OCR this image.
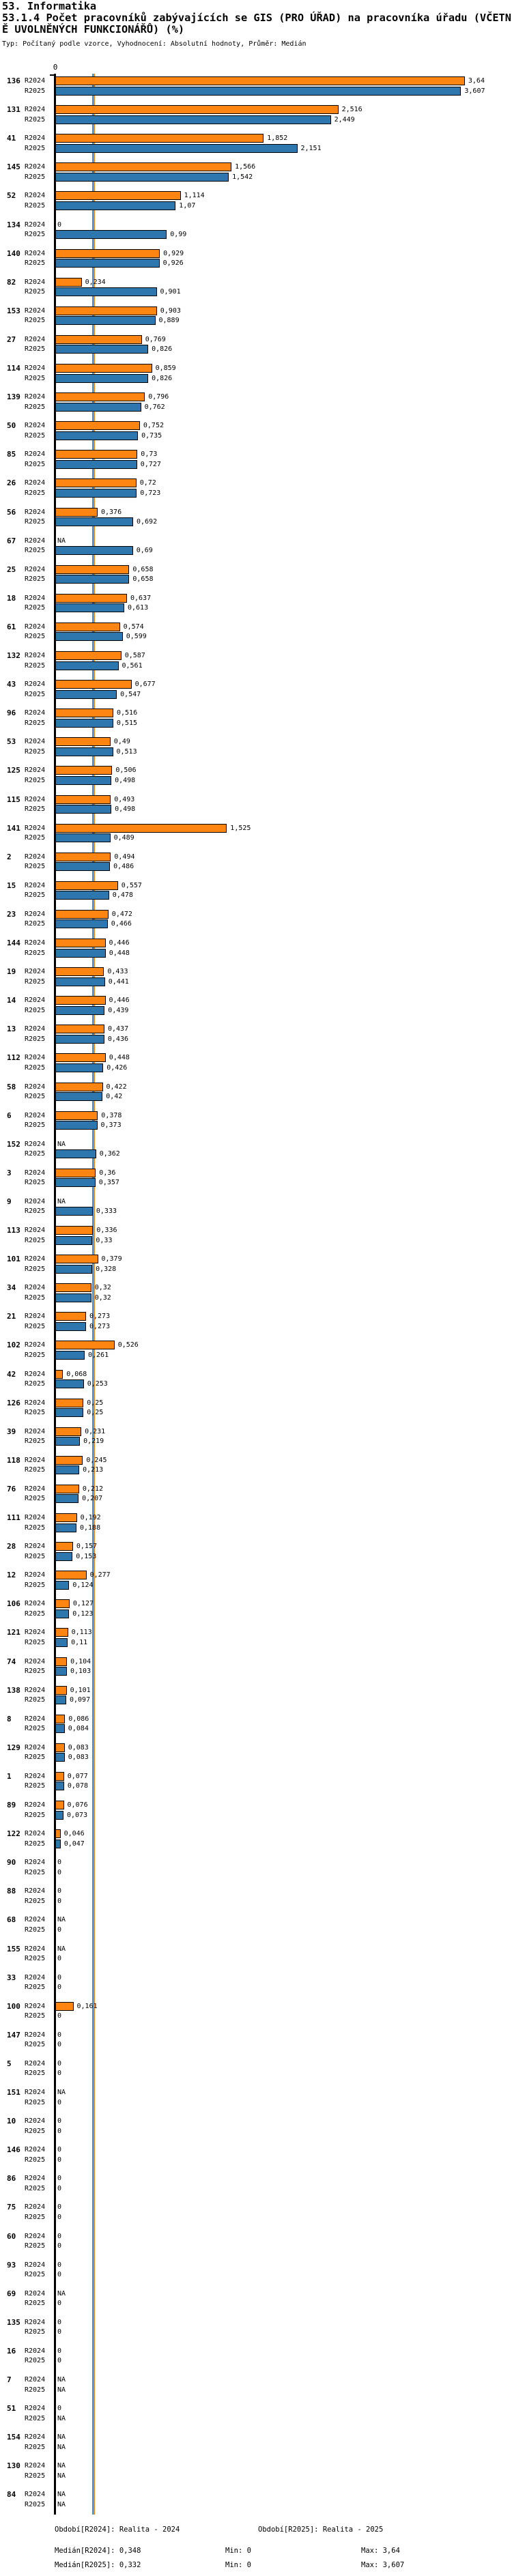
53. Informatika
53.1.4 Počet pracovníků zabývajících se GIS (PRO ÚŘAD) na pracovníka úřadu (VČETNĚ UVOLNĚNÝCH FUNKCIONÁŘŮ) (%)
Typ: Počítaný podle vzorce, Vyhodnocení: Absolutní hodnoty, Průměr: Medián
0
136 R2024	3,64
R2025	3,607
131 R2024	2,516
R2025	2,449
41 R2024	1,852
R2025	2,151
145 R2024	1,566
R2025	1,542
52 R2024	1,114
R2025	1,07
134 R2024 0
R2025	0,99
140 R2024	0,929
R2025	0,926
82 R2024	0,234
R2025	0,901
153 R2024	0,903
R2025	0,889
27 R2024	0,769
R2025	0,826
114 R2024	0,859
R2025	0,826
139 R2024	0,796
R2025	0,762
50 R2024	0,752
R2025	0,735
85 R2024	0,73
R2025	0,727
26 R2024	0,72
R2025	0,723
56 R2024	0,376
R2025	0,692
67 R2024 NA
R2025	0,69
25 R2024	0,658
R2025	0,658
18 R2024	0,637
R2025	0,613
61 R2024	0,574
R2025	0,599
132 R2024	0,587
R2025	0,561
43 R2024	0,677
R2025	0,547
96 R2024	0,516
R2025	0,515
53 R2024	0,49
R2025	0,513
125 R2024	0,506
R2025	0,498
115 R2024	0,493
R2025	0,498
141 R2024	1,525
R2025	0,489
2 R2024	0,494
R2025	0,486
15 R2024	0,557
R2025	0,478
23 R2024	0,472
R2025	0,466
144 R2024	0,446
R2025	0,448
19 R2024	0,433
R2025	0,441
14 R2024	0,446
R2025	0,439
13 R2024	0,437
R2025	0,436
112 R2024	0,448
R2025	0,426
58 R2024	0,422
R2025	0,42
6 R2024	0,378
R2025	0,373
152 R2024 NA
R2025	0,362
3 R2024	0,36
R2025	0,357
9 R2024 NA
R2025	0,333
113 R2024	0,336
R2025	0,33
101 R2024	0,379
R2025	0,328
34 R2024	0,32
R2025	0,32
21 R2024	0,273
R2025	0,273
102 R2024	0,526
R2025	0,261
42 R2024	0,068
R2025	0,253
126 R2024	0,25
R2025	0,25
39 R2024	0,231
R2025	0,219
118 R2024	0,245
R2025	0,213
76 R2024	0,212
R2025	0,207
111 R2024	0,192
R2025	0,188
28 R2024	0,157
R2025	0,153
12 R2024	0,277
R2025	0,124
106 R2024	0,127
R2025	0,123
121 R2024	0,113
R2025	0,11
74 R2024	0,104
R2025	0,103
138 R2024	0,101
R2025	0,097
8 R2024	0,086
R2025	0,084
129 R2024	0,083
R2025	0,083
1 R2024	0,077
R2025	0,078
89 R2024	0,076
R2025	0,073
122 R2024	0,046
R2025	0,047
90 R2024 0
R2025 0
88 R2024 0
R2025 0
68 R2024 NA
R2025 0
155 R2024 NA
R2025 0
33 R2024 0
R2025 0
100 R2024	0,161
R2025 0
147 R2024 0
R2025 0
5 R2024 0
R2025 0
151 R2024 NA
R2025 0
10 R2024 0
R2025 0
146 R2024 0
R2025 0
86 R2024 0
R2025 0
75 R2024 0
R2025 0
60 R2024 0
R2025 0
93 R2024 0
R2025 0
69 R2024 NA
R2025 0
135 R2024 0
R2025 0
16 R2024 0
R2025 0
7 R2024 NA
R2025 NA
51 R2024 0
R2025 NA
154 R2024 NA
R2025 NA
130 R2024 NA
R2025 NA
84 R2024 NA
R2025 NA
Období[R2024]: Realita - 2024	Období[R2025]: Realita - 2025
Medián[R2024]: 0,348	Min: 0	Max: 3,64
Medián[R2025]: 0,332	Min: 0	Max: 3,607
